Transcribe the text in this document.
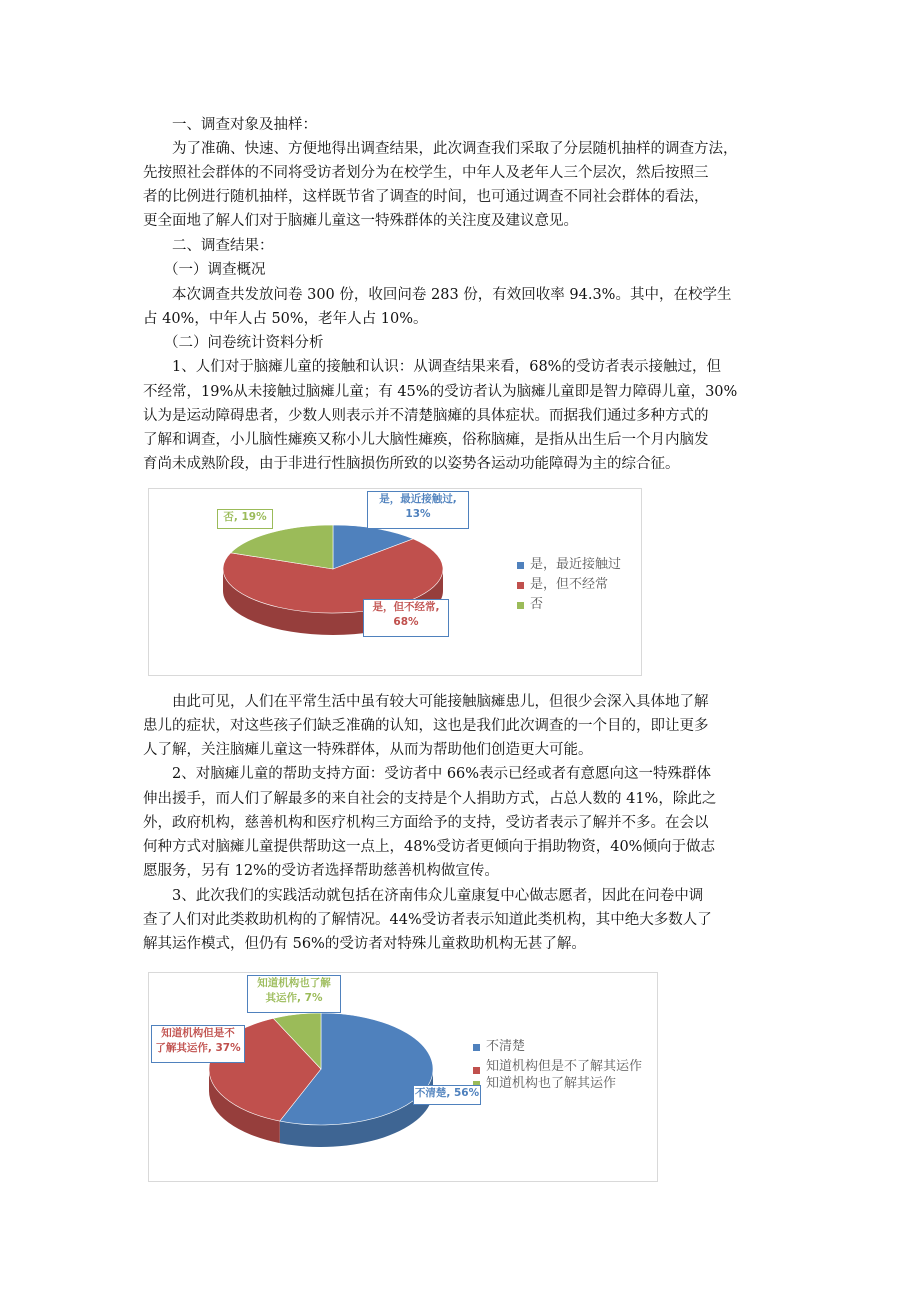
一、调查对象及抽样：
为了准确、快速、方便地得出调查结果，此次调查我们采取了分层随机抽样的调查方法，
先按照社会群体的不同将受访者划分为在校学生，中年人及老年人三个层次，然后按照三
者的比例进行随机抽样，这样既节省了调查的时间，也可通过调查不同社会群体的看法，
更全面地了解人们对于脑瘫儿童这一特殊群体的关注度及建议意见。
二、调查结果：
（一）调查概况
本次调查共发放问卷 300 份，收回问卷 283 份，有效回收率 94.3%。其中，在校学生
占 40%，中年人占 50%，老年人占 10%。
（二）问卷统计资料分析
1、人们对于脑瘫儿童的接触和认识：从调查结果来看，68%的受访者表示接触过，但
不经常，19%从未接触过脑瘫儿童；有 45%的受访者认为脑瘫儿童即是智力障碍儿童，30%
认为是运动障碍患者，少数人则表示并不清楚脑瘫的具体症状。而据我们通过多种方式的
了解和调查，小儿脑性瘫痪又称小儿大脑性瘫痪，俗称脑瘫，是指从出生后一个月内脑发
育尚未成熟阶段，由于非进行性脑损伤所致的以姿势各运动功能障碍为主的综合征。
是，最近接触过
是，但不经常
否
是，最近接触过,
13%
否, 19%
是，但不经常,
68%
由此可见，人们在平常生活中虽有较大可能接触脑瘫患儿，但很少会深入具体地了解
患儿的症状，对这些孩子们缺乏准确的认知，这也是我们此次调查的一个目的，即让更多
人了解，关注脑瘫儿童这一特殊群体，从而为帮助他们创造更大可能。
2、对脑瘫儿童的帮助支持方面：受访者中 66%表示已经或者有意愿向这一特殊群体
伸出援手，而人们了解最多的来自社会的支持是个人捐助方式，占总人数的 41%，除此之
外，政府机构，慈善机构和医疗机构三方面给予的支持，受访者表示了解并不多。在会以
何种方式对脑瘫儿童提供帮助这一点上，48%受访者更倾向于捐助物资，40%倾向于做志
愿服务，另有 12%的受访者选择帮助慈善机构做宣传。
3、此次我们的实践活动就包括在济南伟众儿童康复中心做志愿者，因此在问卷中调
查了人们对此类救助机构的了解情况。44%受访者表示知道此类机构，其中绝大多数人了
解其运作模式，但仍有 56%的受访者对特殊儿童救助机构无甚了解。
不清楚
知道机构但是不了解其运作
知道机构也了解其运作
知道机构也了解
其运作, 7%
知道机构但是不
了解其运作, 37%
不清楚, 56%
